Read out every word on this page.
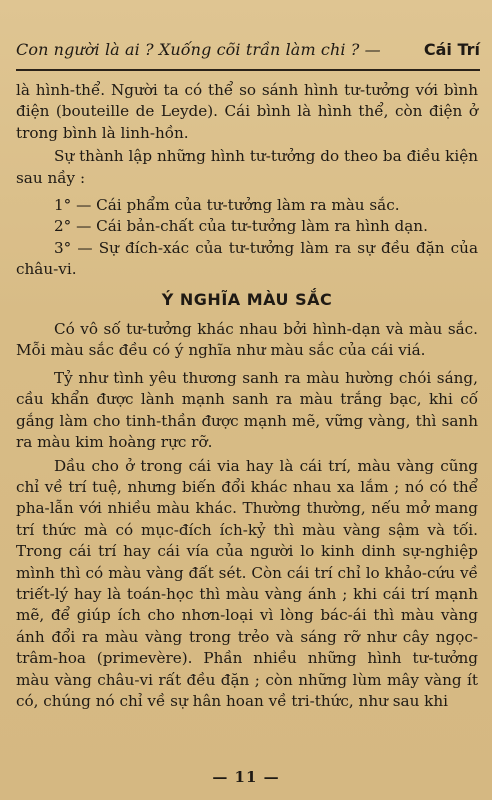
Con người là ai ? Xuống cõi trần làm chi ? —	Cái Trí

là hình-thể. Người ta có thể so sánh hình tư-tưởng với bình điện (bouteille de Leyde). Cái bình là hình thể, còn điện ở trong bình là linh-hồn.

Sự thành lập những hình tư-tưởng do theo ba điều kiện sau nầy :

1° — Cái phẩm của tư-tưởng làm ra màu sắc.

2° — Cái bản-chất của tư-tưởng làm ra hình dạn.

3° — Sự đích-xác của tư-tưởng làm ra sự đều đặn của châu-vi.

Ý NGHĨA MÀU SẮC

Có vô số tư-tưởng khác nhau bởi hình-dạn và màu sắc. Mỗi màu sắc đều có ý nghĩa như màu sắc của cái viá.

Tỷ như tình yêu thương sanh ra màu hường chói sáng, cầu khẩn được lành mạnh sanh ra màu trắng bạc, khi cố gắng làm cho tinh-thần được mạnh mẽ, vững vàng, thì sanh ra màu kim hoàng rực rỡ.

Dầu cho ở trong cái via hay là cái trí, màu vàng cũng chỉ về trí tuệ, nhưng biến đổi khác nhau xa lắm ; nó có thể pha-lẫn với nhiều màu khác. Thường thường, nếu mở mang trí thức mà có mục-đích ích-kỷ thì màu vàng sậm và tối. Trong cái trí hay cái vía của người lo kinh dinh sự-nghiệp mình thì có màu vàng đất sét. Còn cái trí chỉ lo khảo-cứu về triết-lý hay là toán-học thì màu vàng ánh ; khi cái trí mạnh mẽ, để giúp ích cho nhơn-loại vì lòng bác-ái thì màu vàng ánh đổi ra màu vàng trong trẻo và sáng rỡ như cây ngọc-trâm-hoa (primevère). Phần nhiều những hình tư-tưởng màu vàng châu-vi rất đều đặn ; còn những lùm mây vàng ít có, chúng nó chỉ về sự hân hoan về tri-thức, như sau khi

— 11 —
